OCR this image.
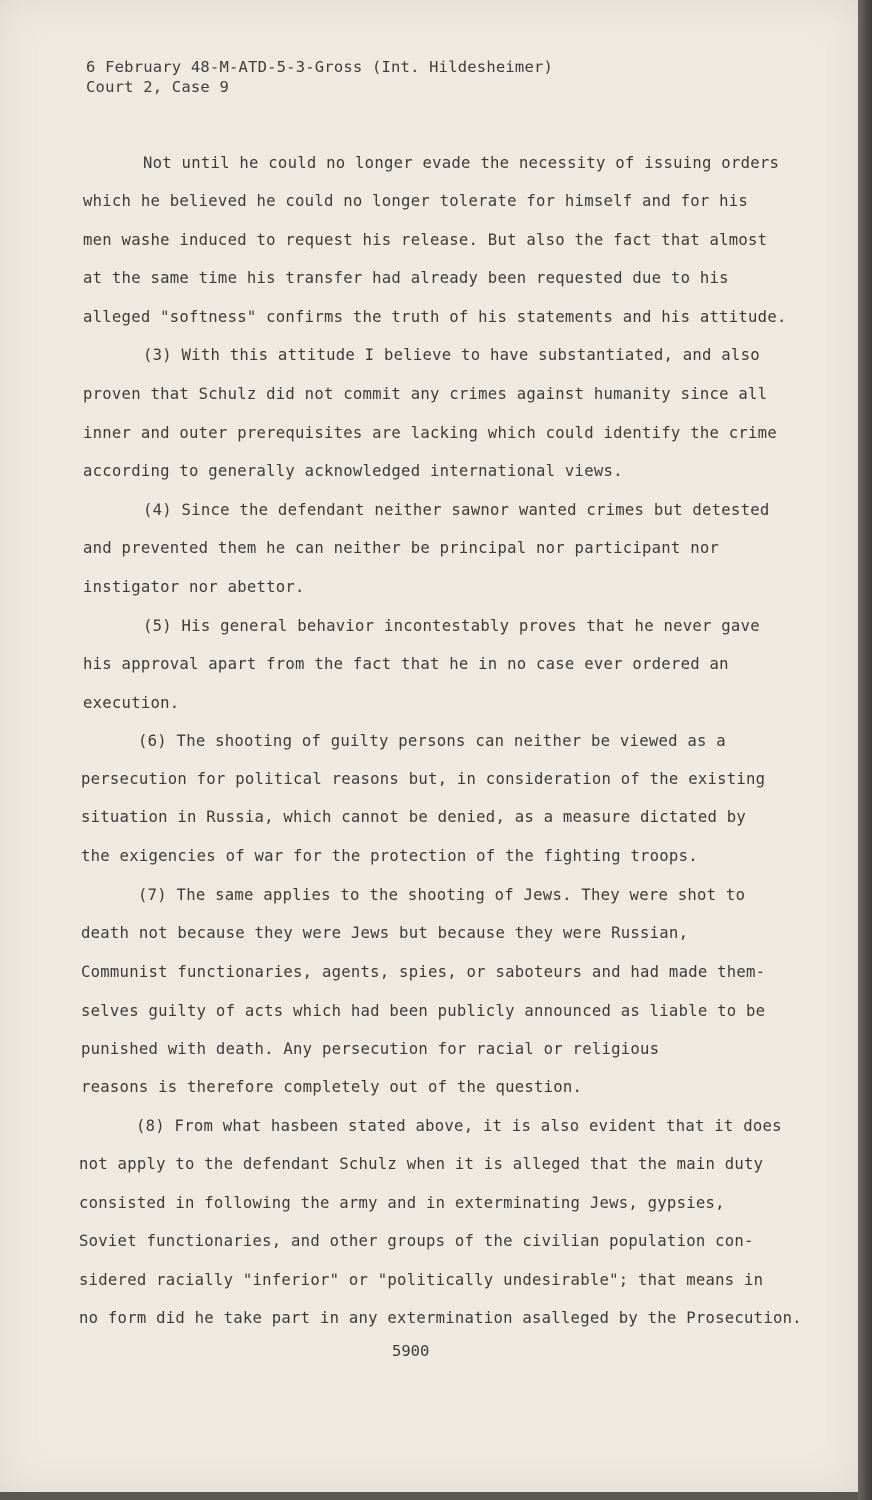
6 February 48-M-ATD-5-3-Gross (Int. Hildesheimer)
Court 2, Case 9
Not until he could no longer evade the necessity of issuing orders
which he believed he could no longer tolerate for himself and for his
men washe induced to request his release. But also the fact that almost
at the same time his transfer had already been requested due to his
alleged "softness" confirms the truth of his statements and his attitude.
(3) With this attitude I believe to have substantiated, and also
proven that Schulz did not commit any crimes against humanity since all
inner and outer prerequisites are lacking which could identify the crime
according to generally acknowledged international views.
(4) Since the defendant neither sawnor wanted crimes but detested
and prevented them he can neither be principal nor participant nor
instigator nor abettor.
(5) His general behavior incontestably proves that he never gave
his approval apart from the fact that he in no case ever ordered an
execution.
(6) The shooting of guilty persons can neither be viewed as a
persecution for political reasons but, in consideration of the existing
situation in Russia, which cannot be denied, as a measure dictated by
the exigencies of war for the protection of the fighting troops.
(7) The same applies to the shooting of Jews. They were shot to
death not because they were Jews but because they were Russian,
Communist functionaries, agents, spies, or saboteurs and had made them-
selves guilty of acts which had been publicly announced as liable to be
punished with death. Any persecution for racial or religious
reasons is therefore completely out of the question.
(8) From what hasbeen stated above, it is also evident that it does
not apply to the defendant Schulz when it is alleged that the main duty
consisted in following the army and in exterminating Jews, gypsies,
Soviet functionaries, and other groups of the civilian population con-
sidered racially "inferior" or "politically undesirable"; that means in
no form did he take part in any extermination asalleged by the Prosecution.
5900
